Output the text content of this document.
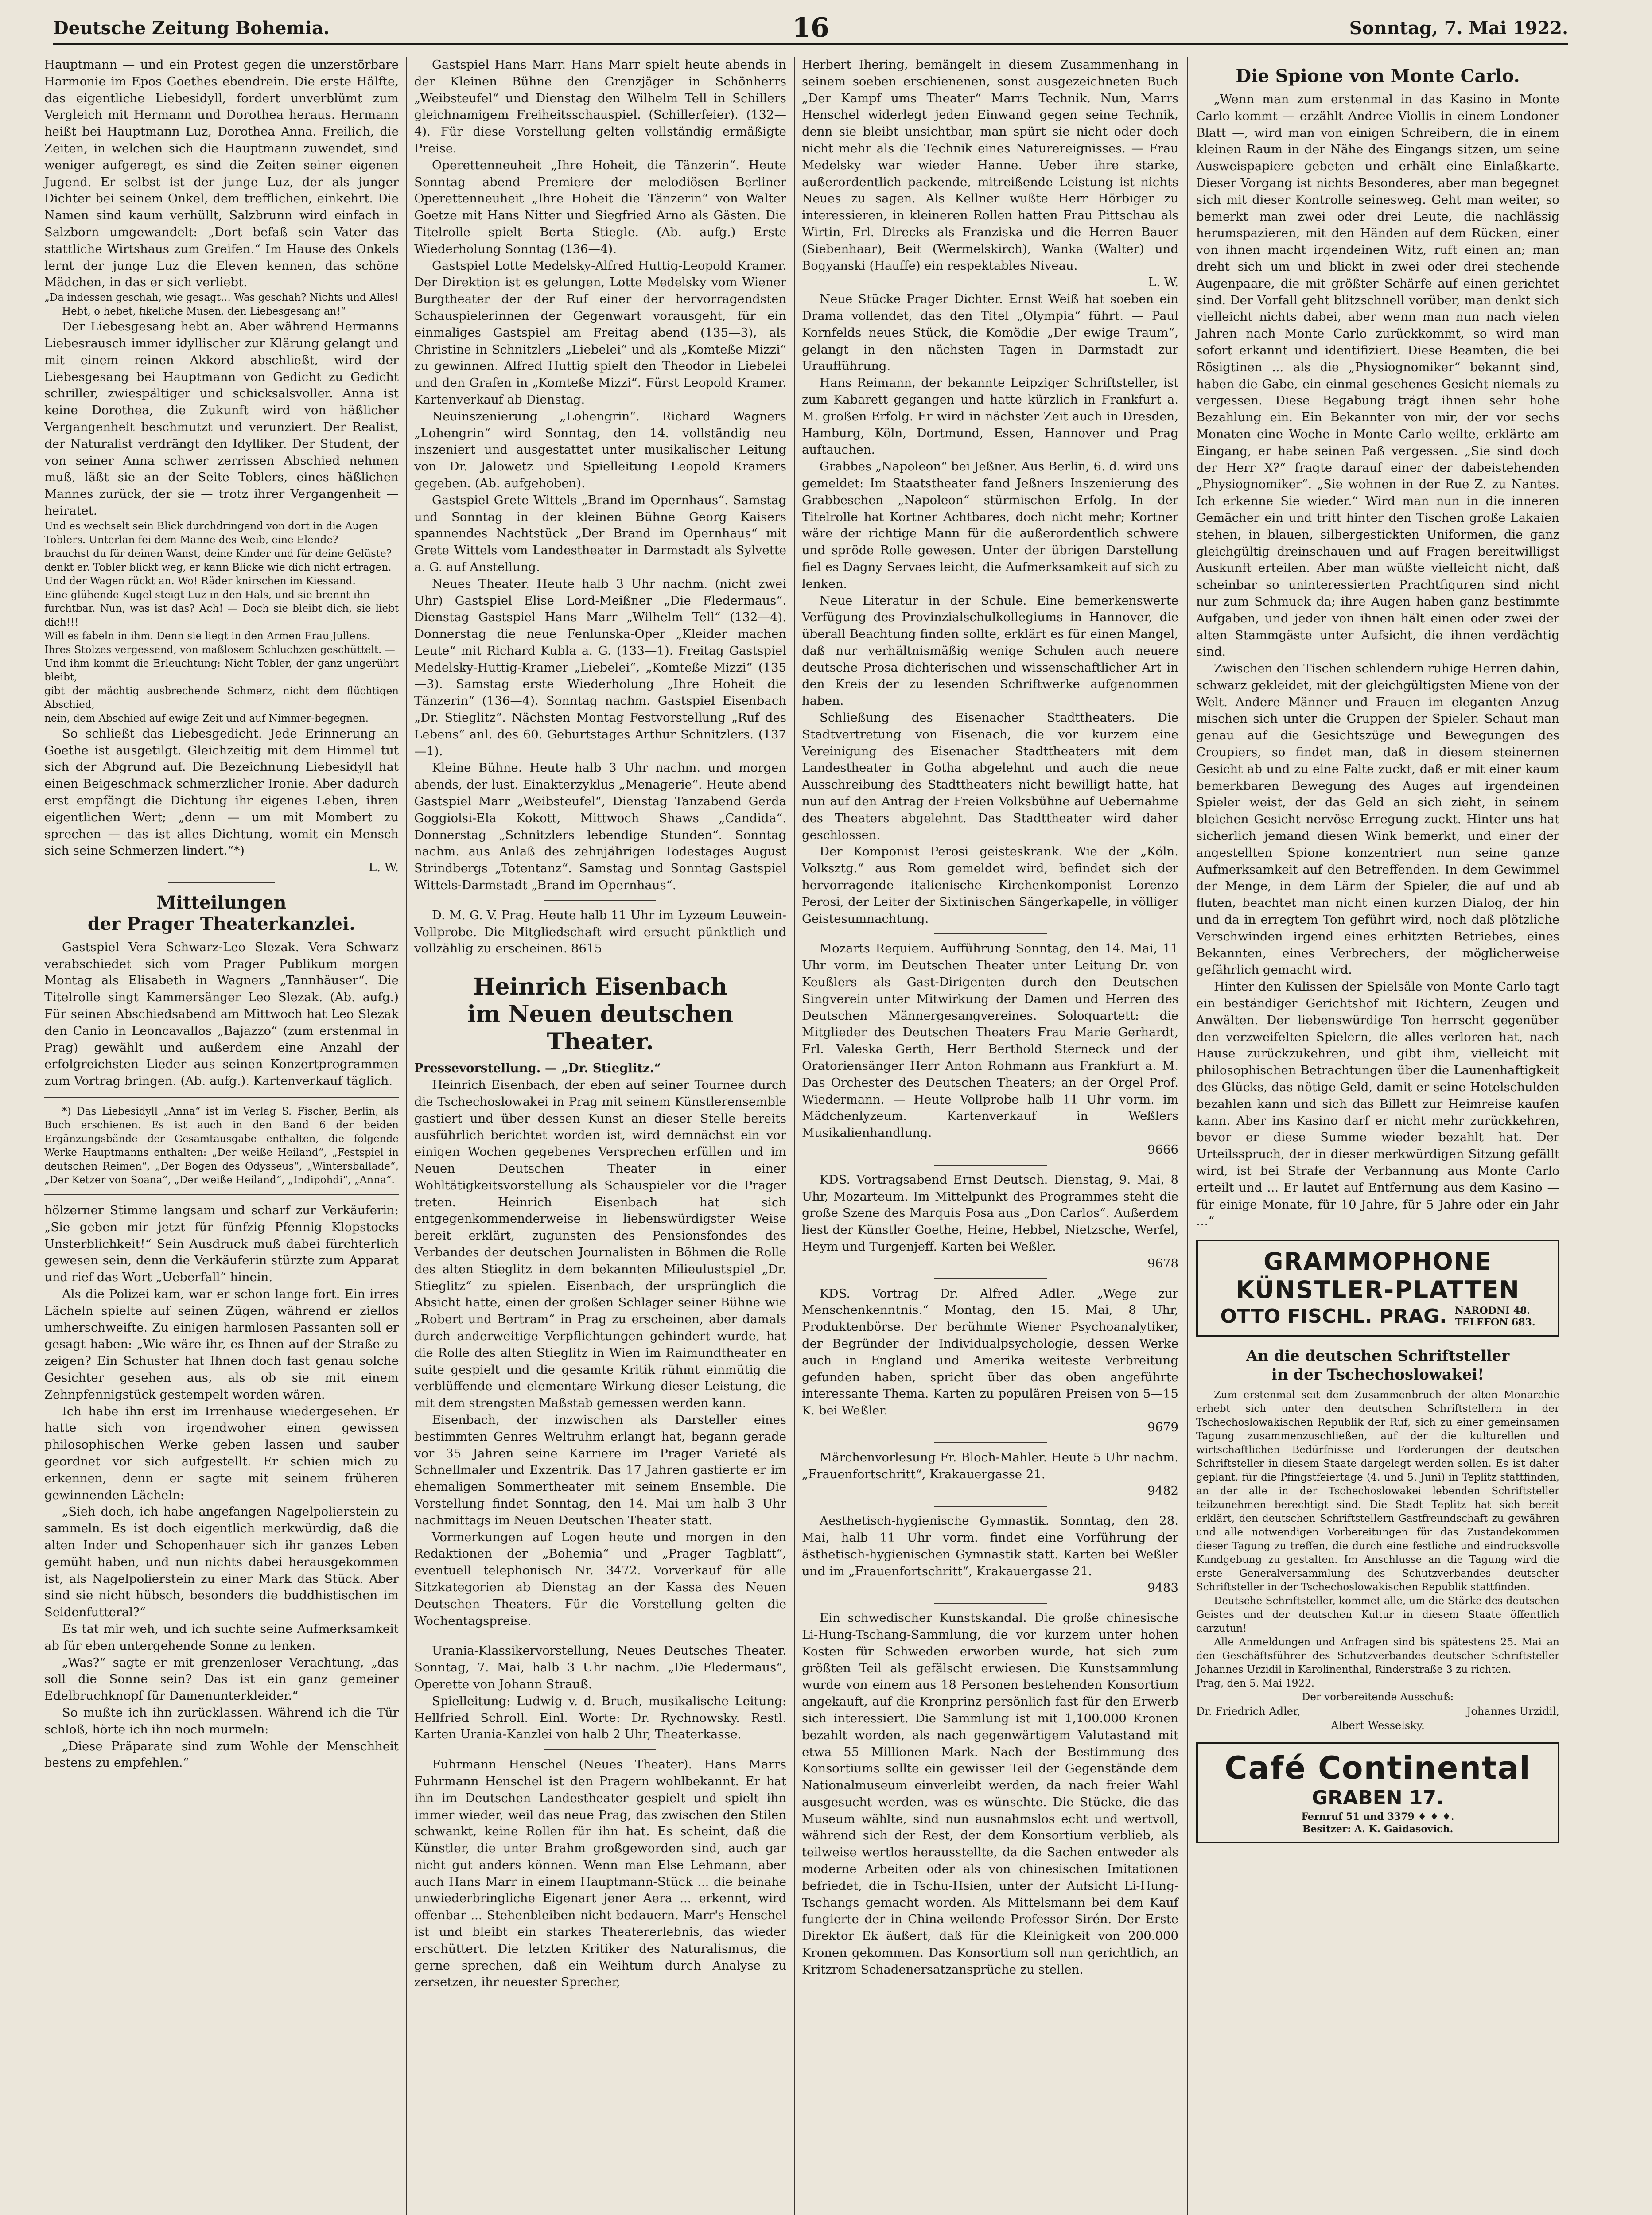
Deutsche Zeitung Bohemia.	16	Sonntag, 7. Mai 1922.

Hauptmann — und ein Protest gegen die unzerstörbare Harmonie im Epos Goethes ebendrein. Die erste Hälfte, das eigentliche Liebesidyll, fordert unverblümt zum Vergleich mit Hermann und Dorothea heraus. Hermann heißt bei Hauptmann Luz, Dorothea Anna. Freilich, die Zeiten, in welchen sich die Hauptmann zuwendet, sind weniger aufgeregt, es sind die Zeiten seiner eigenen Jugend. Er selbst ist der junge Luz, der als junger Dichter bei seinem Onkel, dem trefflichen, einkehrt. Die Namen sind kaum verhüllt, Salzbrunn wird einfach in Salzborn umgewandelt: „Dort befaß sein Vater das stattliche Wirtshaus zum Greifen.“ Im Hause des Onkels lernt der junge Luz die Eleven kennen, das schöne Mädchen, in das er sich verliebt.

„Da indessen geschah, wie gesagt… Was geschah? Nichts und Alles!

Hebt, o hebet, fikeliche Musen, den Liebesgesang an!“

Der Liebesgesang hebt an. Aber während Hermanns Liebesrausch immer idyllischer zur Klärung gelangt und mit einem reinen Akkord abschließt, wird der Liebesgesang bei Hauptmann von Gedicht zu Gedicht schriller, zwiespältiger und schicksalsvoller. Anna ist keine Dorothea, die Zukunft wird von häßlicher Vergangenheit beschmutzt und verunziert. Der Realist, der Naturalist verdrängt den Idylliker. Der Student, der von seiner Anna schwer zerrissen Abschied nehmen muß, läßt sie an der Seite Toblers, eines häßlichen Mannes zurück, der sie — trotz ihrer Vergangenheit — heiratet.

Und es wechselt sein Blick durchdringend von dort in die Augen

Toblers. Unterlan fei dem Manne des Weib, eine Elende?

brauchst du für deinen Wanst, deine Kinder und für deine Gelüste?

denkt er. Tobler blickt weg, er kann Blicke wie dich nicht ertragen.

Und der Wagen rückt an. Wo! Räder knirschen im Kiessand.

Eine glühende Kugel steigt Luz in den Hals, und sie brennt ihn

furchtbar. Nun, was ist das? Ach! — Doch sie bleibt dich, sie liebt dich!!!

Will es fabeln in ihm. Denn sie liegt in den Armen Frau Jullens.

Ihres Stolzes vergessend, von maßlosem Schluchzen geschüttelt. —

Und ihm kommt die Erleuchtung: Nicht Tobler, der ganz ungerührt bleibt,

gibt der mächtig ausbrechende Schmerz, nicht dem flüchtigen Abschied,

nein, dem Abschied auf ewige Zeit und auf Nimmer-begegnen.

So schließt das Liebesgedicht. Jede Erinnerung an Goethe ist ausgetilgt. Gleichzeitig mit dem Himmel tut sich der Abgrund auf. Die Bezeichnung Liebesidyll hat einen Beigeschmack schmerzlicher Ironie. Aber dadurch erst empfängt die Dichtung ihr eigenes Leben, ihren eigentlichen Wert; „denn — um mit Mombert zu sprechen — das ist alles Dichtung, womit ein Mensch sich seine Schmerzen lindert.“*)

L. W.
Mitteilungen
der Prager Theaterkanzlei.

Gastspiel Vera Schwarz-Leo Slezak. Vera Schwarz verabschiedet sich vom Prager Publikum morgen Montag als Elisabeth in Wagners „Tannhäuser“. Die Titelrolle singt Kammersänger Leo Slezak. (Ab. aufg.) Für seinen Abschiedsabend am Mittwoch hat Leo Slezak den Canio in Leoncavallos „Bajazzo“ (zum erstenmal in Prag) gewählt und außerdem eine Anzahl der erfolgreichsten Lieder aus seinen Konzertprogrammen zum Vortrag bringen. (Ab. aufg.). Kartenverkauf täglich.

*) Das Liebesidyll „Anna“ ist im Verlag S. Fischer, Berlin, als Buch erschienen. Es ist auch in den Band 6 der beiden Ergänzungsbände der Gesamtausgabe enthalten, die folgende Werke Hauptmanns enthalten: „Der weiße Heiland“, „Festspiel in deutschen Reimen“, „Der Bogen des Odysseus“, „Wintersballade“, „Der Ketzer von Soana“, „Der weiße Heiland“, „Indipohdi“, „Anna“.

hölzerner Stimme langsam und scharf zur Verkäuferin: „Sie geben mir jetzt für fünfzig Pfennig Klopstocks Unsterblichkeit!“ Sein Ausdruck muß dabei fürchterlich gewesen sein, denn die Verkäuferin stürzte zum Apparat und rief das Wort „Ueberfall“ hinein.

Als die Polizei kam, war er schon lange fort. Ein irres Lächeln spielte auf seinen Zügen, während er ziellos umherschweifte. Zu einigen harmlosen Passanten soll er gesagt haben: „Wie wäre ihr, es Ihnen auf der Straße zu zeigen? Ein Schuster hat Ihnen doch fast genau solche Gesichter gesehen aus, als ob sie mit einem Zehnpfennigstück gestempelt worden wären.

Ich habe ihn erst im Irrenhause wiedergesehen. Er hatte sich von irgendwoher einen gewissen philosophischen Werke geben lassen und sauber geordnet vor sich aufgestellt. Er schien mich zu erkennen, denn er sagte mit seinem früheren gewinnenden Lächeln:

„Sieh doch, ich habe angefangen Nagelpolierstein zu sammeln. Es ist doch eigentlich merkwürdig, daß die alten Inder und Schopenhauer sich ihr ganzes Leben gemüht haben, und nun nichts dabei herausgekommen ist, als Nagelpolierstein zu einer Mark das Stück. Aber sind sie nicht hübsch, besonders die buddhistischen im Seidenfutteral?“

Es tat mir weh, und ich suchte seine Aufmerksamkeit ab für eben untergehende Sonne zu lenken.

„Was?“ sagte er mit grenzenloser Verachtung, „das soll die Sonne sein? Das ist ein ganz gemeiner Edelbruchknopf für Damenunterkleider.“

So mußte ich ihn zurücklassen. Während ich die Tür schloß, hörte ich ihn noch murmeln:

„Diese Präparate sind zum Wohle der Menschheit bestens zu empfehlen.“

Gastspiel Hans Marr. Hans Marr spielt heute abends in der Kleinen Bühne den Grenzjäger in Schönherrs „Weibsteufel“ und Dienstag den Wilhelm Tell in Schillers gleichnamigem Freiheitsschauspiel. (Schillerfeier). (132—4). Für diese Vorstellung gelten vollständig ermäßigte Preise.

Operettenneuheit „Ihre Hoheit, die Tänzerin“. Heute Sonntag abend Premiere der melodiösen Berliner Operettenneuheit „Ihre Hoheit die Tänzerin“ von Walter Goetze mit Hans Nitter und Siegfried Arno als Gästen. Die Titelrolle spielt Berta Stiegle. (Ab. aufg.) Erste Wiederholung Sonntag (136—4).

Gastspiel Lotte Medelsky-Alfred Huttig-Leopold Kramer. Der Direktion ist es gelungen, Lotte Medelsky vom Wiener Burgtheater der der Ruf einer der hervorragendsten Schauspielerinnen der Gegenwart vorausgeht, für ein einmaliges Gastspiel am Freitag abend (135—3), als Christine in Schnitzlers „Liebelei“ und als „Komteße Mizzi“ zu gewinnen. Alfred Huttig spielt den Theodor in Liebelei und den Grafen in „Komteße Mizzi“. Fürst Leopold Kramer. Kartenverkauf ab Dienstag.

Neuinszenierung „Lohengrin“. Richard Wagners „Lohengrin“ wird Sonntag, den 14. vollständig neu inszeniert und ausgestattet unter musikalischer Leitung von Dr. Jalowetz und Spielleitung Leopold Kramers gegeben. (Ab. aufgehoben).

Gastspiel Grete Wittels „Brand im Opernhaus“. Samstag und Sonntag in der kleinen Bühne Georg Kaisers spannendes Nachtstück „Der Brand im Opernhaus“ mit Grete Wittels vom Landestheater in Darmstadt als Sylvette a. G. auf Anstellung.

Neues Theater. Heute halb 3 Uhr nachm. (nicht zwei Uhr) Gastspiel Elise Lord-Meißner „Die Fledermaus“. Dienstag Gastspiel Hans Marr „Wilhelm Tell“ (132—4). Donnerstag die neue Fenlunska-Oper „Kleider machen Leute“ mit Richard Kubla a. G. (133—1). Freitag Gastspiel Medelsky-Huttig-Kramer „Liebelei“, „Komteße Mizzi“ (135—3). Samstag erste Wiederholung „Ihre Hoheit die Tänzerin“ (136—4). Sonntag nachm. Gastspiel Eisenbach „Dr. Stieglitz“. Nächsten Montag Festvorstellung „Ruf des Lebens“ anl. des 60. Geburtstages Arthur Schnitzlers. (137—1).

Kleine Bühne. Heute halb 3 Uhr nachm. und morgen abends, der lust. Einakterzyklus „Menagerie“. Heute abend Gastspiel Marr „Weibsteufel“, Dienstag Tanzabend Gerda Goggiolsi-Ela Kokott, Mittwoch Shaws „Candida“. Donnerstag „Schnitzlers lebendige Stunden“. Sonntag nachm. aus Anlaß des zehnjährigen Todestages August Strindbergs „Totentanz“. Samstag und Sonntag Gastspiel Wittels-Darmstadt „Brand im Opernhaus“.

D. M. G. V. Prag. Heute halb 11 Uhr im Lyzeum Leuwein-Vollprobe. Die Mitgliedschaft wird ersucht pünktlich und vollzählig zu erscheinen. 8615

Heinrich Eisenbach
im Neuen deutschen Theater.

Pressevorstellung. — „Dr. Stieglitz.“

Heinrich Eisenbach, der eben auf seiner Tournee durch die Tschechoslowakei in Prag mit seinem Künstlerensemble gastiert und über dessen Kunst an dieser Stelle bereits ausführlich berichtet worden ist, wird demnächst ein vor einigen Wochen gegebenes Versprechen erfüllen und im Neuen Deutschen Theater in einer Wohltätigkeitsvorstellung als Schauspieler vor die Prager treten. Heinrich Eisenbach hat sich entgegenkommenderweise in liebenswürdigster Weise bereit erklärt, zugunsten des Pensionsfondes des Verbandes der deutschen Journalisten in Böhmen die Rolle des alten Stieglitz in dem bekannten Milieulustspiel „Dr. Stieglitz“ zu spielen. Eisenbach, der ursprünglich die Absicht hatte, einen der großen Schlager seiner Bühne wie „Robert und Bertram“ in Prag zu erscheinen, aber damals durch anderweitige Verpflichtungen gehindert wurde, hat die Rolle des alten Stieglitz in Wien im Raimundtheater en suite gespielt und die gesamte Kritik rühmt einmütig die verblüffende und elementare Wirkung dieser Leistung, die mit dem strengsten Maßstab gemessen werden kann.

Eisenbach, der inzwischen als Darsteller eines bestimmten Genres Weltruhm erlangt hat, begann gerade vor 35 Jahren seine Karriere im Prager Varieté als Schnellmaler und Exzentrik. Das 17 Jahren gastierte er im ehemaligen Sommertheater mit seinem Ensemble. Die Vorstellung findet Sonntag, den 14. Mai um halb 3 Uhr nachmittags im Neuen Deutschen Theater statt.

Vormerkungen auf Logen heute und morgen in den Redaktionen der „Bohemia“ und „Prager Tagblatt“, eventuell telephonisch Nr. 3472. Vorverkauf für alle Sitzkategorien ab Dienstag an der Kassa des Neuen Deutschen Theaters. Für die Vorstellung gelten die Wochentagspreise.

Urania-Klassikervorstellung, Neues Deutsches Theater. Sonntag, 7. Mai, halb 3 Uhr nachm. „Die Fledermaus“, Operette von Johann Strauß.

Spielleitung: Ludwig v. d. Bruch, musikalische Leitung: Hellfried Schroll. Einl. Worte: Dr. Rychnowsky. Restl. Karten Urania-Kanzlei von halb 2 Uhr, Theaterkasse.

Fuhrmann Henschel (Neues Theater). Hans Marrs Fuhrmann Henschel ist den Pragern wohlbekannt. Er hat ihn im Deutschen Landestheater gespielt und spielt ihn immer wieder, weil das neue Prag, das zwischen den Stilen schwankt, keine Rollen für ihn hat. Es scheint, daß die Künstler, die unter Brahm großgeworden sind, auch gar nicht gut anders können. Wenn man Else Lehmann, aber auch Hans Marr in einem Hauptmann-Stück ... die beinahe unwiederbringliche Eigenart jener Aera ... erkennt, wird offenbar ... Stehenbleiben nicht bedauern. Marr's Henschel ist und bleibt ein starkes Theatererlebnis, das wieder erschüttert. Die letzten Kritiker des Naturalismus, die gerne sprechen, daß ein Weihtum durch Analyse zu zersetzen, ihr neuester Sprecher,

Herbert Ihering, bemängelt in diesem Zusammenhang in seinem soeben erschienenen, sonst ausgezeichneten Buch „Der Kampf ums Theater“ Marrs Technik. Nun, Marrs Henschel widerlegt jeden Einwand gegen seine Technik, denn sie bleibt unsichtbar, man spürt sie nicht oder doch nicht mehr als die Technik eines Naturereignisses. — Frau Medelsky war wieder Hanne. Ueber ihre starke, außerordentlich packende, mitreißende Leistung ist nichts Neues zu sagen. Als Kellner wußte Herr Hörbiger zu interessieren, in kleineren Rollen hatten Frau Pittschau als Wirtin, Frl. Direcks als Franziska und die Herren Bauer (Siebenhaar), Beit (Wermelskirch), Wanka (Walter) und Bogyanski (Hauffe) ein respektables Niveau.

L. W.

Neue Stücke Prager Dichter. Ernst Weiß hat soeben ein Drama vollendet, das den Titel „Olympia“ führt. — Paul Kornfelds neues Stück, die Komödie „Der ewige Traum“, gelangt in den nächsten Tagen in Darmstadt zur Uraufführung.

Hans Reimann, der bekannte Leipziger Schriftsteller, ist zum Kabarett gegangen und hatte kürzlich in Frankfurt a. M. großen Erfolg. Er wird in nächster Zeit auch in Dresden, Hamburg, Köln, Dortmund, Essen, Hannover und Prag auftauchen.

Grabbes „Napoleon“ bei Jeßner. Aus Berlin, 6. d. wird uns gemeldet: Im Staatstheater fand Jeßners Inszenierung des Grabbeschen „Napoleon“ stürmischen Erfolg. In der Titelrolle hat Kortner Achtbares, doch nicht mehr; Kortner wäre der richtige Mann für die außerordentlich schwere und spröde Rolle gewesen. Unter der übrigen Darstellung fiel es Dagny Servaes leicht, die Aufmerksamkeit auf sich zu lenken.

Neue Literatur in der Schule. Eine bemerkenswerte Verfügung des Provinzialschulkollegiums in Hannover, die überall Beachtung finden sollte, erklärt es für einen Mangel, daß nur verhältnismäßig wenige Schulen auch neuere deutsche Prosa dichterischen und wissenschaftlicher Art in den Kreis der zu lesenden Schriftwerke aufgenommen haben.

Schließung des Eisenacher Stadttheaters. Die Stadtvertretung von Eisenach, die vor kurzem eine Vereinigung des Eisenacher Stadttheaters mit dem Landestheater in Gotha abgelehnt und auch die neue Ausschreibung des Stadttheaters nicht bewilligt hatte, hat nun auf den Antrag der Freien Volksbühne auf Uebernahme des Theaters abgelehnt. Das Stadttheater wird daher geschlossen.

Der Komponist Perosi geisteskrank. Wie der „Köln. Volksztg.“ aus Rom gemeldet wird, befindet sich der hervorragende italienische Kirchenkomponist Lorenzo Perosi, der Leiter der Sixtinischen Sängerkapelle, in völliger Geistesumnachtung.

Mozarts Requiem. Aufführung Sonntag, den 14. Mai, 11 Uhr vorm. im Deutschen Theater unter Leitung Dr. von Keußlers als Gast-Dirigenten durch den Deutschen Singverein unter Mitwirkung der Damen und Herren des Deutschen Männergesangvereines. Soloquartett: die Mitglieder des Deutschen Theaters Frau Marie Gerhardt, Frl. Valeska Gerth, Herr Berthold Sterneck und der Oratoriensänger Herr Anton Rohmann aus Frankfurt a. M. Das Orchester des Deutschen Theaters; an der Orgel Prof. Wiedermann. — Heute Vollprobe halb 11 Uhr vorm. im Mädchenlyzeum. Kartenverkauf in Weßlers Musikalienhandlung.

9666

KDS. Vortragsabend Ernst Deutsch. Dienstag, 9. Mai, 8 Uhr, Mozarteum. Im Mittelpunkt des Programmes steht die große Szene des Marquis Posa aus „Don Carlos“. Außerdem liest der Künstler Goethe, Heine, Hebbel, Nietzsche, Werfel, Heym und Turgenjeff. Karten bei Weßler.

9678

KDS. Vortrag Dr. Alfred Adler. „Wege zur Menschenkenntnis.“ Montag, den 15. Mai, 8 Uhr, Produktenbörse. Der berühmte Wiener Psychoanalytiker, der Begründer der Individualpsychologie, dessen Werke auch in England und Amerika weiteste Verbreitung gefunden haben, spricht über das oben angeführte interessante Thema. Karten zu populären Preisen von 5—15 K. bei Weßler.

9679

Märchenvorlesung Fr. Bloch-Mahler. Heute 5 Uhr nachm. „Frauenfortschritt“, Krakauergasse 21.

9482

Aesthetisch-hygienische Gymnastik. Sonntag, den 28. Mai, halb 11 Uhr vorm. findet eine Vorführung der ästhetisch-hygienischen Gymnastik statt. Karten bei Weßler und im „Frauenfortschritt“, Krakauergasse 21.

9483

Ein schwedischer Kunstskandal. Die große chinesische Li-Hung-Tschang-Sammlung, die vor kurzem unter hohen Kosten für Schweden erworben wurde, hat sich zum größten Teil als gefälscht erwiesen. Die Kunstsammlung wurde von einem aus 18 Personen bestehenden Konsortium angekauft, auf die Kronprinz persönlich fast für den Erwerb sich interessiert. Die Sammlung ist mit 1,100.000 Kronen bezahlt worden, als nach gegenwärtigem Valutastand mit etwa 55 Millionen Mark. Nach der Bestimmung des Konsortiums sollte ein gewisser Teil der Gegenstände dem Nationalmuseum einverleibt werden, da nach freier Wahl ausgesucht werden, was es wünschte. Die Stücke, die das Museum wählte, sind nun ausnahmslos echt und wertvoll, während sich der Rest, der dem Konsortium verblieb, als teilweise wertlos herausstellte, da die Sachen entweder als moderne Arbeiten oder als von chinesischen Imitationen befriedet, die in Tschu-Hsien, unter der Aufsicht Li-Hung-Tschangs gemacht worden. Als Mittelsmann bei dem Kauf fungierte der in China weilende Professor Sirén. Der Erste Direktor Ek äußert, daß für die Kleinigkeit von 200.000 Kronen gekommen. Das Konsortium soll nun gerichtlich, an Kritzrom Schadenersatzansprüche zu stellen.

Die Spione von Monte Carlo.

„Wenn man zum erstenmal in das Kasino in Monte Carlo kommt — erzählt Andree Viollis in einem Londoner Blatt —, wird man von einigen Schreibern, die in einem kleinen Raum in der Nähe des Eingangs sitzen, um seine Ausweispapiere gebeten und erhält eine Einlaßkarte. Dieser Vorgang ist nichts Besonderes, aber man begegnet sich mit dieser Kontrolle seinesweg. Geht man weiter, so bemerkt man zwei oder drei Leute, die nachlässig herumspazieren, mit den Händen auf dem Rücken, einer von ihnen macht irgendeinen Witz, ruft einen an; man dreht sich um und blickt in zwei oder drei stechende Augenpaare, die mit größter Schärfe auf einen gerichtet sind. Der Vorfall geht blitzschnell vorüber, man denkt sich vielleicht nichts dabei, aber wenn man nun nach vielen Jahren nach Monte Carlo zurückkommt, so wird man sofort erkannt und identifiziert. Diese Beamten, die bei Rösigtinen ... als die „Physiognomiker“ bekannt sind, haben die Gabe, ein einmal gesehenes Gesicht niemals zu vergessen. Diese Begabung trägt ihnen sehr hohe Bezahlung ein. Ein Bekannter von mir, der vor sechs Monaten eine Woche in Monte Carlo weilte, erklärte am Eingang, er habe seinen Paß vergessen. „Sie sind doch der Herr X?“ fragte darauf einer der dabeistehenden „Physiognomiker“. „Sie wohnen in der Rue Z. zu Nantes. Ich erkenne Sie wieder.“ Wird man nun in die inneren Gemächer ein und tritt hinter den Tischen große Lakaien stehen, in blauen, silbergestickten Uniformen, die ganz gleichgültig dreinschauen und auf Fragen bereitwilligst Auskunft erteilen. Aber man wüßte vielleicht nicht, daß scheinbar so uninteressierten Prachtfiguren sind nicht nur zum Schmuck da; ihre Augen haben ganz bestimmte Aufgaben, und jeder von ihnen hält einen oder zwei der alten Stammgäste unter Aufsicht, die ihnen verdächtig sind.

Zwischen den Tischen schlendern ruhige Herren dahin, schwarz gekleidet, mit der gleichgültigsten Miene von der Welt. Andere Männer und Frauen im eleganten Anzug mischen sich unter die Gruppen der Spieler. Schaut man genau auf die Gesichtszüge und Bewegungen des Croupiers, so findet man, daß in diesem steinernen Gesicht ab und zu eine Falte zuckt, daß er mit einer kaum bemerkbaren Bewegung des Auges auf irgendeinen Spieler weist, der das Geld an sich zieht, in seinem bleichen Gesicht nervöse Erregung zuckt. Hinter uns hat sicherlich jemand diesen Wink bemerkt, und einer der angestellten Spione konzentriert nun seine ganze Aufmerksamkeit auf den Betreffenden. In dem Gewimmel der Menge, in dem Lärm der Spieler, die auf und ab fluten, beachtet man nicht einen kurzen Dialog, der hin und da in erregtem Ton geführt wird, noch daß plötzliche Verschwinden irgend eines erhitzten Betriebes, eines Bekannten, eines Verbrechers, der möglicherweise gefährlich gemacht wird.

Hinter den Kulissen der Spielsäle von Monte Carlo tagt ein beständiger Gerichtshof mit Richtern, Zeugen und Anwälten. Der liebenswürdige Ton herrscht gegenüber den verzweifelten Spielern, die alles verloren hat, nach Hause zurückzukehren, und gibt ihm, vielleicht mit philosophischen Betrachtungen über die Launenhaftigkeit des Glücks, das nötige Geld, damit er seine Hotelschulden bezahlen kann und sich das Billett zur Heimreise kaufen kann. Aber ins Kasino darf er nicht mehr zurückkehren, bevor er diese Summe wieder bezahlt hat. Der Urteilsspruch, der in dieser merkwürdigen Sitzung gefällt wird, ist bei Strafe der Verbannung aus Monte Carlo erteilt und ... Er lautet auf Entfernung aus dem Kasino — für einige Monate, für 10 Jahre, für 5 Jahre oder ein Jahr …“

GRAMMOPHONE
KÜNSTLER-PLATTEN
OTTO FISCHL. PRAG. NARODNI 48.
TELEFON 683.
An die deutschen Schriftsteller
in der Tschechoslowakei!

Zum erstenmal seit dem Zusammenbruch der alten Monarchie erhebt sich unter den deutschen Schriftstellern in der Tschechoslowakischen Republik der Ruf, sich zu einer gemeinsamen Tagung zusammenzuschließen, auf der die kulturellen und wirtschaftlichen Bedürfnisse und Forderungen der deutschen Schriftsteller in diesem Staate dargelegt werden sollen. Es ist daher geplant, für die Pfingstfeiertage (4. und 5. Juni) in Teplitz stattfinden, an der alle in der Tschechoslowakei lebenden Schriftsteller teilzunehmen berechtigt sind. Die Stadt Teplitz hat sich bereit erklärt, den deutschen Schriftstellern Gastfreundschaft zu gewähren und alle notwendigen Vorbereitungen für das Zustandekommen dieser Tagung zu treffen, die durch eine festliche und eindrucksvolle Kundgebung zu gestalten. Im Anschlusse an die Tagung wird die erste Generalversammlung des Schutzverbandes deutscher Schriftsteller in der Tschechoslowakischen Republik stattfinden.

Deutsche Schriftsteller, kommet alle, um die Stärke des deutschen Geistes und der deutschen Kultur in diesem Staate öffentlich darzutun!

Alle Anmeldungen und Anfragen sind bis spätestens 25. Mai an den Geschäftsführer des Schutzverbandes deutscher Schriftsteller Johannes Urzidil in Karolinenthal, Rinderstraße 3 zu richten.

Prag, den 5. Mai 1922.

Der vorbereitende Ausschuß:

Dr. Friedrich Adler,	Johannes Urzidil,
Albert Wesselsky.
Café Continental
GRABEN 17.
Fernruf 51 und 3379 ♦ ♦ ♦.
Besitzer: A. K. Gaidasovich.
